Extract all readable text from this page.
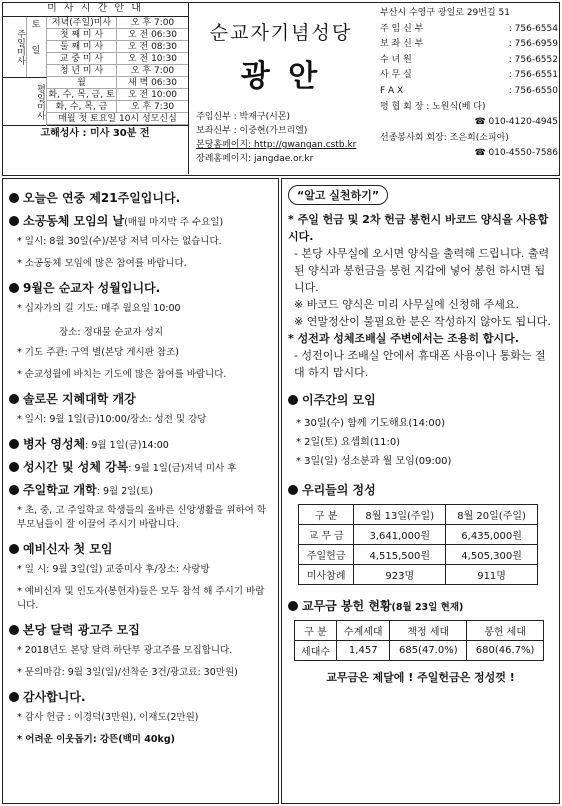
미 사 시 간 안 내
주일미사
토
일
저녁(주일)미사	오 후 7:00
첫 째 미 사	오 전 06:30
둘 째 미 사	오 전 08:30
교 중 미 사	오 전 10:30
청 년 미 사	오 후 7:00
평일미사
월	새 벽 06:30
화, 수, 목, 금, 토	오 전 10:00
화, 수, 목, 금	오 후 7:30
매월 첫 토요일 10시 성모신심
고해성사 : 미사 30분 전
순교자기념성당
광 안
주임신부 : 박재구(시몬)
보좌신부 : 이중현(가브리엘)
본당홈페이지: http://gwangan.cstb.kr
장례홈페이지: jangdae.or.kr
부산시 수영구 광일로 29번길 51
주 임 신 부	: 756-6554
보 좌 신 부	: 756-6959
수 녀 원	: 756-6552
사 무 실	: 756-6551
F A X	: 756-6550
평 협 회 장 : 노원식(베 다)
☎ 010-4120-4945
선종봉사회 회장: 조은희(소피아)
☎ 010-4550-7586
오늘은 연중 제21주일입니다.
소공동체 모임의 날(매월 마지막 주 수요일)
* 일시: 8월 30일(수)/본당 저녁 미사는 없습니다.
* 소공동체 모임에 많은 참여를 바랍니다.
9월은 순교자 성월입니다.
* 십자가의 길 기도: 매주 월요일 10:00
장소: 정대물 순교자 성지
* 기도 주관: 구역 별(본당 게시판 참조)
* 순교성월에 바치는 기도에 많은 참여를 바랍니다.
솔로몬 지혜대학 개강
* 일시: 9월 1일(금)10:00/장소: 성전 및 강당
병자 영성체: 9월 1일(금)14:00
성시간 및 성체 강복: 9월 1일(금)저녁 미사 후
주일학교 개학: 9월 2일(토)
* 초, 중, 고 주일학교 학생들의 올바른 신앙생활을 위하여 학부모님들이 잘 이끌어 주시기 바랍니다.
예비신자 첫 모임
* 일 시: 9월 3일(일) 교중미사 후/장소: 사랑방
* 예비신자 및 인도자(봉헌자)들은 모두 참석 해 주시기 바랍니다.
본당 달력 광고주 모집
* 2018년도 본당 달력 하단부 광고주를 모집합니다.
* 문의마감: 9월 3일(일)/선착순 3건/광고료: 30만원)
감사합니다.
* 감사 헌금 : 이경덕(3만원), 이재도(2만원)
* 어려운 이웃돕기: 강뜬(백미 40kg)
“알고 실천하기”
* 주일 헌금 및 2차 헌금 봉헌시 바코드 양식을 사용합시다.
- 본당 사무실에 오시면 양식을 출력해 드립니다. 출력된 양식과 봉헌금을 봉헌 지갑에 넣어 봉헌 하시면 됩니다.
※ 바코드 양식은 미리 사무실에 신청해 주세요.
※ 연말정산이 불필요한 분은 작성하지 않아도 됩니다.
* 성전과 성체조배실 주변에서는 조용히 합시다.
- 성전이나 조배실 안에서 휴대폰 사용이나 통화는 절대 하지 맙시다.
이주간의 모임
* 30일(수) 함께 기도해요(14:00)
* 2일(토) 요셉회(11:0)
* 3일(일) 성소분과 월 모임(09:00)
우리들의 정성
구 분	8월 13일(주일)	8월 20일(주일)
교 무 금	3,641,000원	6,435,000원
주일헌금	4,515,500원	4,505,300원
미사참례	923명	911명
교무금 봉헌 현황(8월 23일 현재)
구 분	수계세대	책정 세대	봉헌 세대
세대수	1,457	685(47.0%)	680(46.7%)
교무금은 제달에 ! 주일헌금은 정성껏 !
